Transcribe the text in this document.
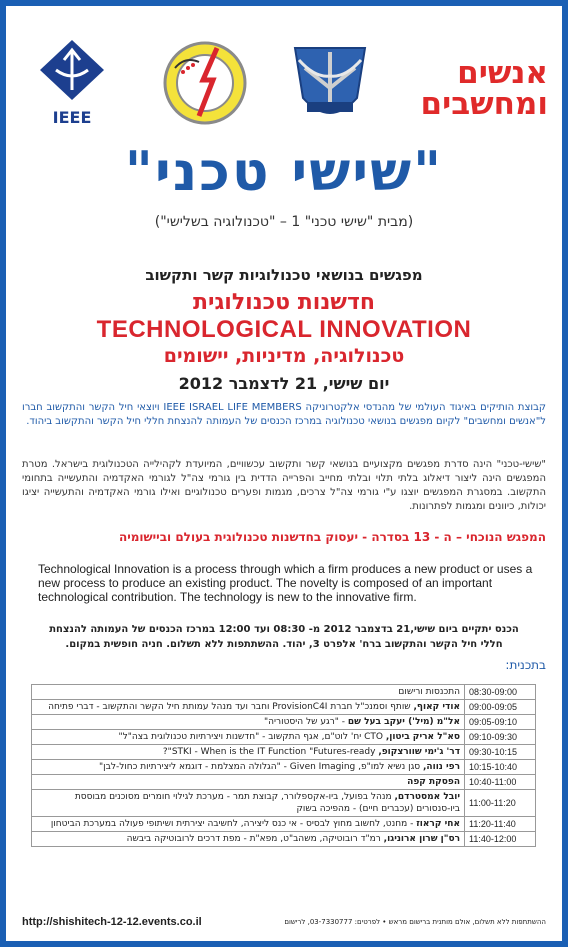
אנשים
ומחשבים
IEEE
"שישי טכני"
(מבית "שישי טכני" 1 – "טכנולוגיה בשלישי")
מפגשים בנושאי טכנולוגיות קשר ותקשוב
חדשנות טכנולוגית
TECHNOLOGICAL INNOVATION
טכנולוגיה, מדיניות, יישומים
יום שישי, 21 לדצמבר 2012
קבוצת הותיקים באיגוד העולמי של מהנדסי אלקטרוניקה IEEE ISRAEL LIFE MEMBERS ויוצאי חיל הקשר והתקשוב חברו ל"אנשים ומחשבים" לקיום מפגשים בנושאי טכנולוגיה במרכז הכנסים של העמותה להנצחת חללי חיל הקשר והתקשוב ביהוד.
"שישי-טכני" הינה סדרת מפגשים מקצועיים בנושאי קשר ותקשוב עכשוויים, המיועדת לקהילייה הטכנולוגית בישראל. מטרת המפגשים הינה ליצור דיאלוג בלתי תלוי ובלתי מחייב והפרייה הדדית בין גורמי צה"ל לגורמי האקדמיה והתעשייה בתחומי התקשוב. במסגרת המפגשים יוצגו ע"י גורמי צה"ל צרכים, מגמות ופערים טכנולוגיים ואילו גורמי האקדמיה והתעשייה יציגו יכולות, כיוונים ומגמות לפתרונות.
המפגש הנוכחי – ה - 13 בסדרה - יעסוק בחדשנות טכנולוגית בעולם וביישומיה
Technological Innovation is a process through which a firm produces a new product or uses a new process to produce an existing product. The novelty is composed of an important technological contribution. The technology is new to the innovative firm.
הכנס יתקיים ביום שישי,21 בדצמבר 2012 מ- 08:30 ועד 12:00 במרכז הכנסים של העמותה להנצחת
חללי חיל הקשר והתקשוב ברח' אלפרט 3, יהוד. ההשתתפות ללא תשלום. חניה חופשית במקום.
בתכנית:
התכנסות ורישום	08:30-09:00
אודי קאוף, שותף וסמנכ"ל חברת ProvisionC4I וחבר ועד מנהל עמותת חיל הקשר והתקשוב - דברי פתיחה	09:00-09:05
אל"מ (מיל') יעקב בעל שם - "רגע של היסטוריה"	09:05-09:10
סא"ל אריק ביטון, CTO יח' לוט"ם, אגף התקשוב - "חדשנות ויצירתיות טכנולוגית בצה"ל"	09:10-09:30
דר' ג'ימי שוורצקופ, STKI - When is the IT Function "Futures-ready"?	09:30-10:15
רפי נווה, סגן נשיא למו"פ, Given Imaging - "הגלולה המצלמת - דוגמא ליצירתיות כחול-לבן"	10:15-10:40
הפסקת קפה	10:40-11:00
יובל אמסטרדם, מנהל בפועל, ביו-אקספלורר, קבוצת תמר - מערכת לגילוי חומרים מסוכנים מבוססת ביו-סנסורים (עכברים חיים) - מהפיכה בשוק	11:00-11:20
אחי קראוז - מחנט, לחשוב מחוץ לבסיס - אי כנס ליצירה, לחשיבה יצירתית ושיתופי פעולה במערכת הביטחון	11:20-11:40
רס"ן שרון ארוניגו, רמ"ד רובוטיקה, משהב"ט, מפא"ת - מפת דרכים לרובוטיקה ביבשה	11:40-12:00
http://shishitech-12-12.events.co.il	ההשתתפות ללא תשלום, אולם מותנית ברישום מראש • לפרטים: 03-7330777, לרישום
